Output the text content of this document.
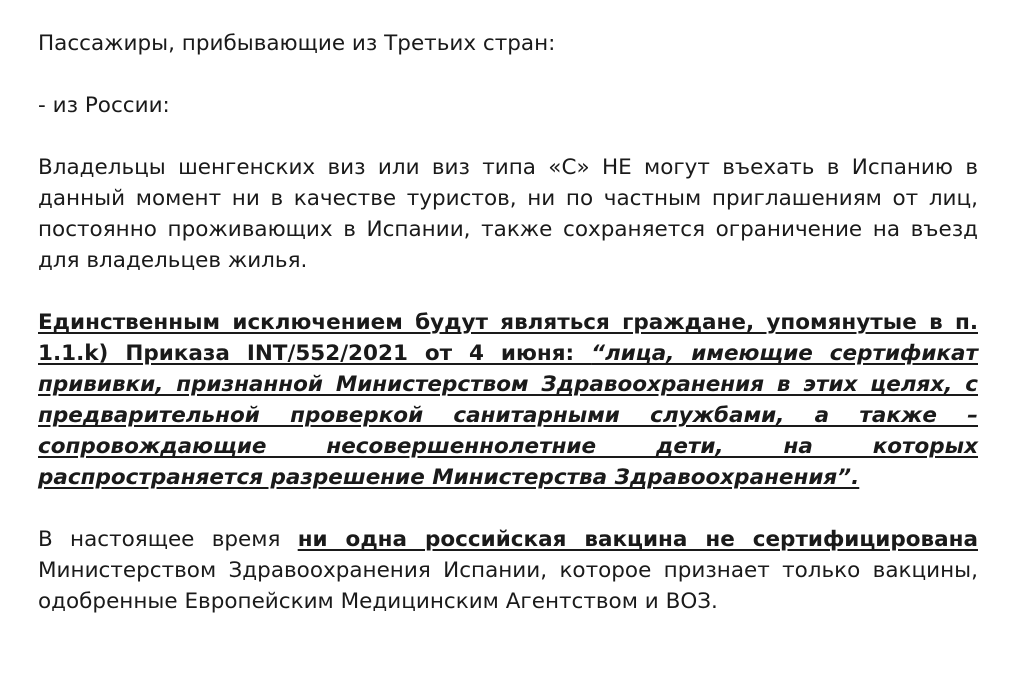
Пассажиры, прибывающие из Третьих стран:

- из России:

Владельцы шенгенских виз или виз типа «С» НЕ могут въехать в Испанию в данный момент ни в качестве туристов, ни по частным приглашениям от лиц, постоянно проживающих в Испании, также сохраняется ограничение на въезд для владельцев жилья.

Единственным исключением будут являться граждане, упомянутые в п. 1.1.k) Приказа INT/552/2021 от 4 июня: “лица, имеющие сертификат прививки, признанной Министерством Здравоохранения в этих целях, с предварительной проверкой санитарными службами, а также – сопровождающие несовершеннолетние дети, на которых распространяется разрешение Министерства Здравоохранения”.

В настоящее время ни одна российская вакцина не сертифицирована Министерством Здравоохранения Испании, которое признает только вакцины, одобренные Европейским Медицинским Агентством и ВОЗ.
